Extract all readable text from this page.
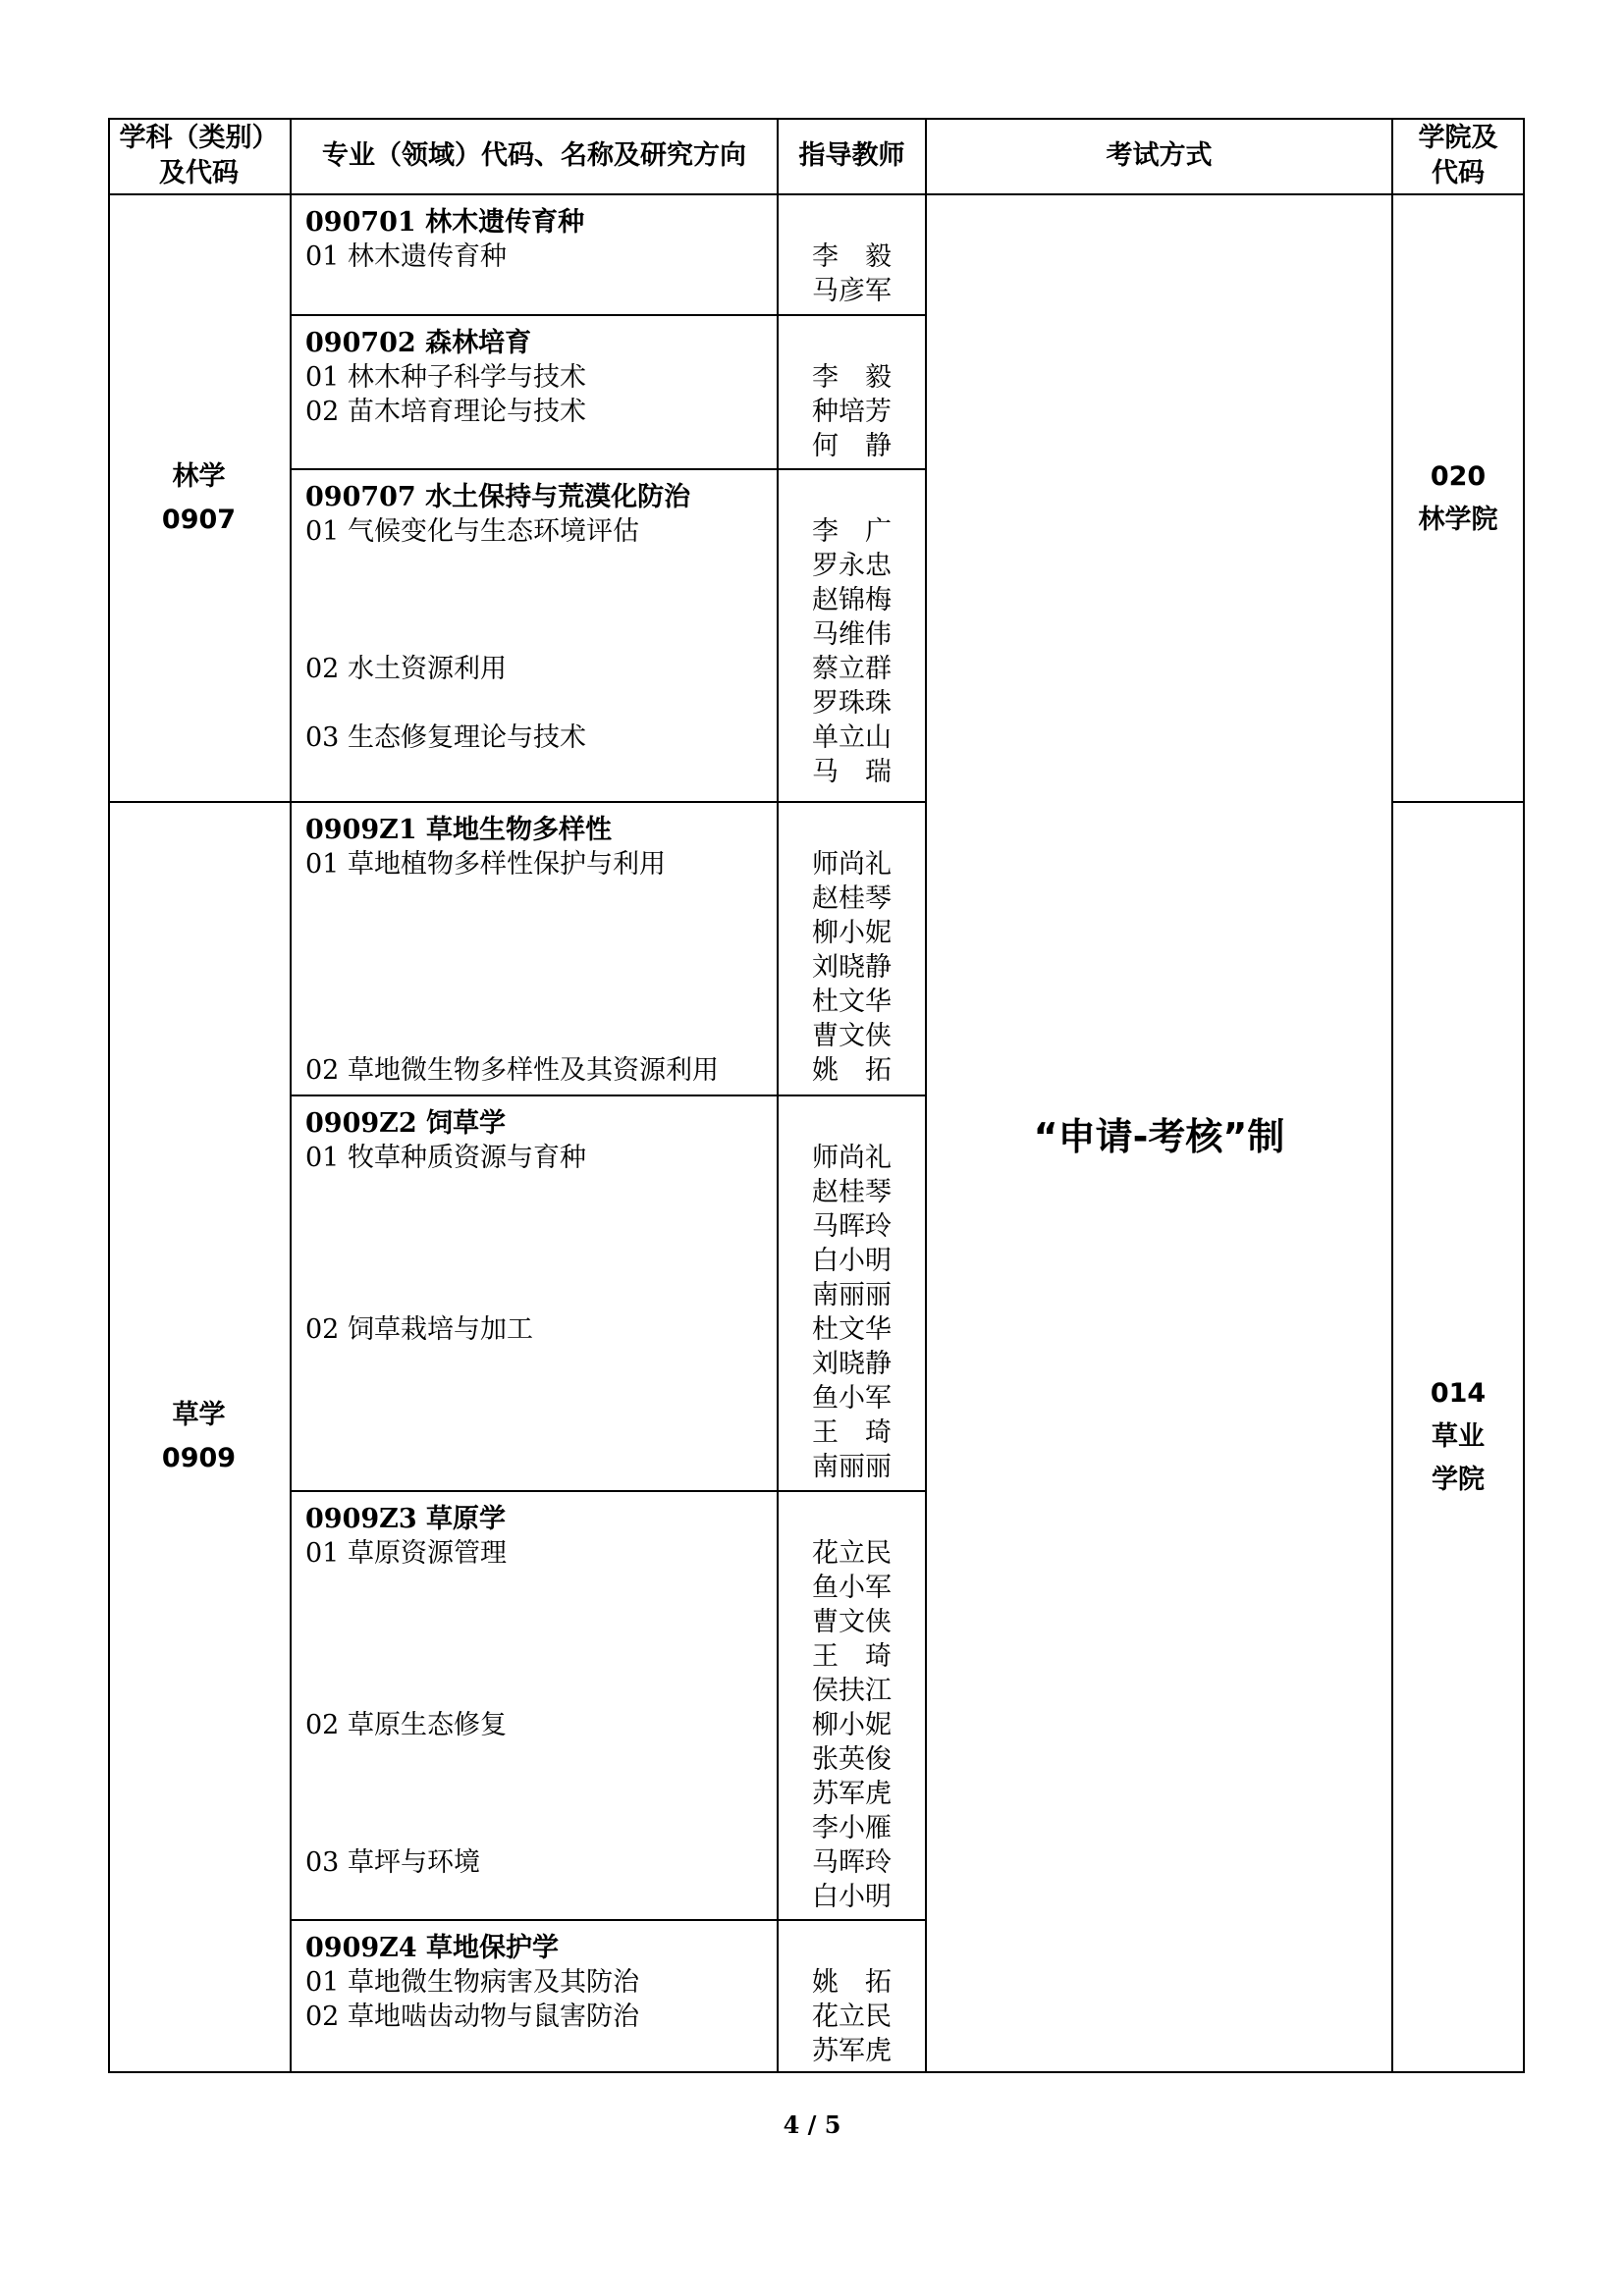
学科（类别）
及代码
专业（领域）代码、名称及研究方向 指导教师	考试方式
学院及
代码
林学
0907
草学
0909
“申请-考核”制
020
林学院
014
草业
学院
090701 林木遗传育种
01 林木遗传育种	李　毅
马彦军
090702 森林培育
01 林木种子科学与技术
02 苗木培育理论与技术
李　毅
种培芳
何　静
090707 水土保持与荒漠化防治
01 气候变化与生态环境评估
02 水土资源利用
03 生态修复理论与技术
李　广
罗永忠
赵锦梅
马维伟
蔡立群
罗珠珠
单立山
马　瑞
0909Z1 草地生物多样性
01 草地植物多样性保护与利用
02 草地微生物多样性及其资源利用
师尚礼
赵桂琴
柳小妮
刘晓静
杜文华
曹文侠
姚　拓
0909Z2 饲草学
01 牧草种质资源与育种
02 饲草栽培与加工
师尚礼
赵桂琴
马晖玲
白小明
南丽丽
杜文华
刘晓静
鱼小军
王　琦
南丽丽
0909Z3 草原学
01 草原资源管理
02 草原生态修复
03 草坪与环境
花立民
鱼小军
曹文侠
王　琦
侯扶江
柳小妮
张英俊
苏军虎
李小雁
马晖玲
白小明
0909Z4 草地保护学
01 草地微生物病害及其防治
02 草地啮齿动物与鼠害防治
姚　拓
花立民
苏军虎
4 / 5
